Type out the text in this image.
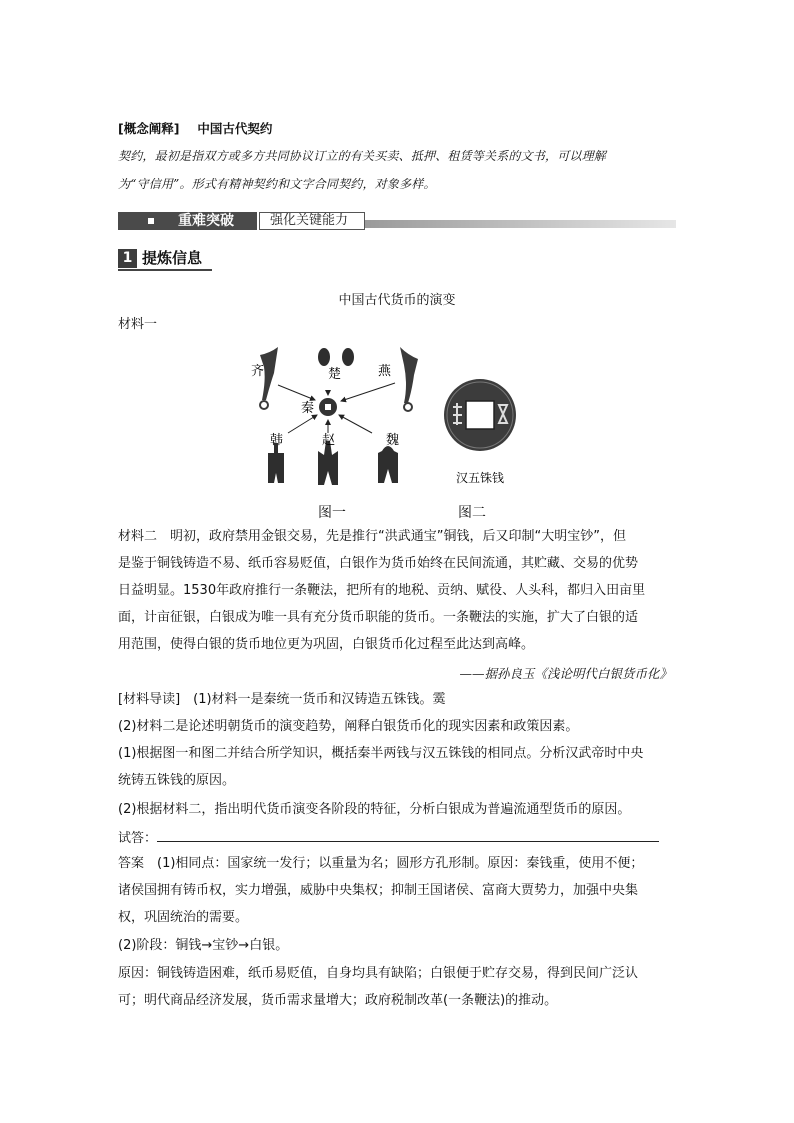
[概念阐释] 中国古代契约
契约，最初是指双方或多方共同协议订立的有关买卖、抵押、租赁等关系的文书，可以理解
为“守信用”。形式有精神契约和文字合同契约，对象多样。
重难突破	强化关键能力
1 提炼信息
中国古代货币的演变
材料一
齐	楚	燕
秦
韩	赵	魏
汉五铢钱
图一	图二
材料二　明初，政府禁用金银交易，先是推行“洪武通宝”铜钱，后又印制“大明宝钞”，但
是鉴于铜钱铸造不易、纸币容易贬值，白银作为货币始终在民间流通，其贮藏、交易的优势
日益明显。1530年政府推行一条鞭法，把所有的地税、贡纳、赋役、人头科，都归入田亩里
面，计亩征银，白银成为唯一具有充分货币职能的货币。一条鞭法的实施，扩大了白银的适
用范围，使得白银的货币地位更为巩固，白银货币化过程至此达到高峰。
——据孙良玉《浅论明代白银货币化》
[材料导读]　(1)材料一是秦统一货币和汉铸造五铢钱。霙
(2)材料二是论述明朝货币的演变趋势，阐释白银货币化的现实因素和政策因素。
(1)根据图一和图二并结合所学知识，概括秦半两钱与汉五铢钱的相同点。分析汉武帝时中央
统铸五铢钱的原因。
(2)根据材料二，指出明代货币演变各阶段的特征，分析白银成为普遍流通型货币的原因。
试答：
答案　(1)相同点：国家统一发行；以重量为名；圆形方孔形制。原因：秦钱重，使用不便；
诸侯国拥有铸币权，实力增强，威胁中央集权；抑制王国诸侯、富商大贾势力，加强中央集
权，巩固统治的需要。
(2)阶段：铜钱→宝钞→白银。
原因：铜钱铸造困难，纸币易贬值，自身均具有缺陷；白银便于贮存交易，得到民间广泛认
可；明代商品经济发展，货币需求量增大；政府税制改革(一条鞭法)的推动。
